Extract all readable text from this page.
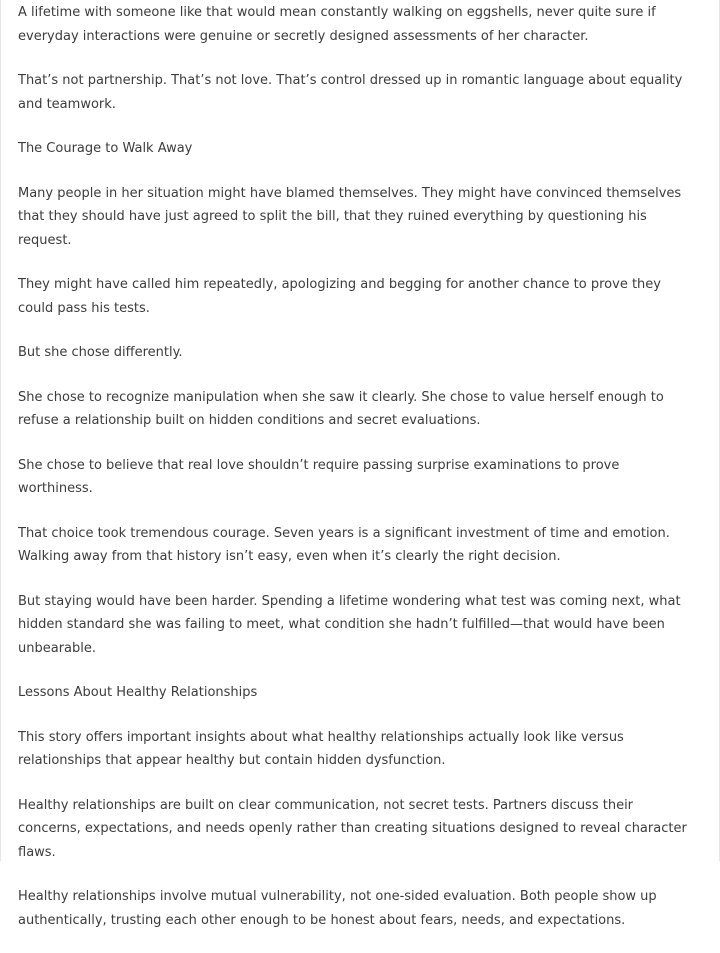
A lifetime with someone like that would mean constantly walking on eggshells, never quite sure if everyday interactions were genuine or secretly designed assessments of her character.

That’s not partnership. That’s not love. That’s control dressed up in romantic language about equality and teamwork.

The Courage to Walk Away

Many people in her situation might have blamed themselves. They might have convinced themselves that they should have just agreed to split the bill, that they ruined everything by questioning his request.

They might have called him repeatedly, apologizing and begging for another chance to prove they could pass his tests.

But she chose differently.

She chose to recognize manipulation when she saw it clearly. She chose to value herself enough to refuse a relationship built on hidden conditions and secret evaluations.

She chose to believe that real love shouldn’t require passing surprise examinations to prove worthiness.

That choice took tremendous courage. Seven years is a significant investment of time and emotion. Walking away from that history isn’t easy, even when it’s clearly the right decision.

But staying would have been harder. Spending a lifetime wondering what test was coming next, what hidden standard she was failing to meet, what condition she hadn’t fulfilled—that would have been unbearable.

Lessons About Healthy Relationships

This story offers important insights about what healthy relationships actually look like versus relationships that appear healthy but contain hidden dysfunction.

Healthy relationships are built on clear communication, not secret tests. Partners discuss their concerns, expectations, and needs openly rather than creating situations designed to reveal character flaws.

Healthy relationships involve mutual vulnerability, not one-sided evaluation. Both people show up authentically, trusting each other enough to be honest about fears, needs, and expectations.
